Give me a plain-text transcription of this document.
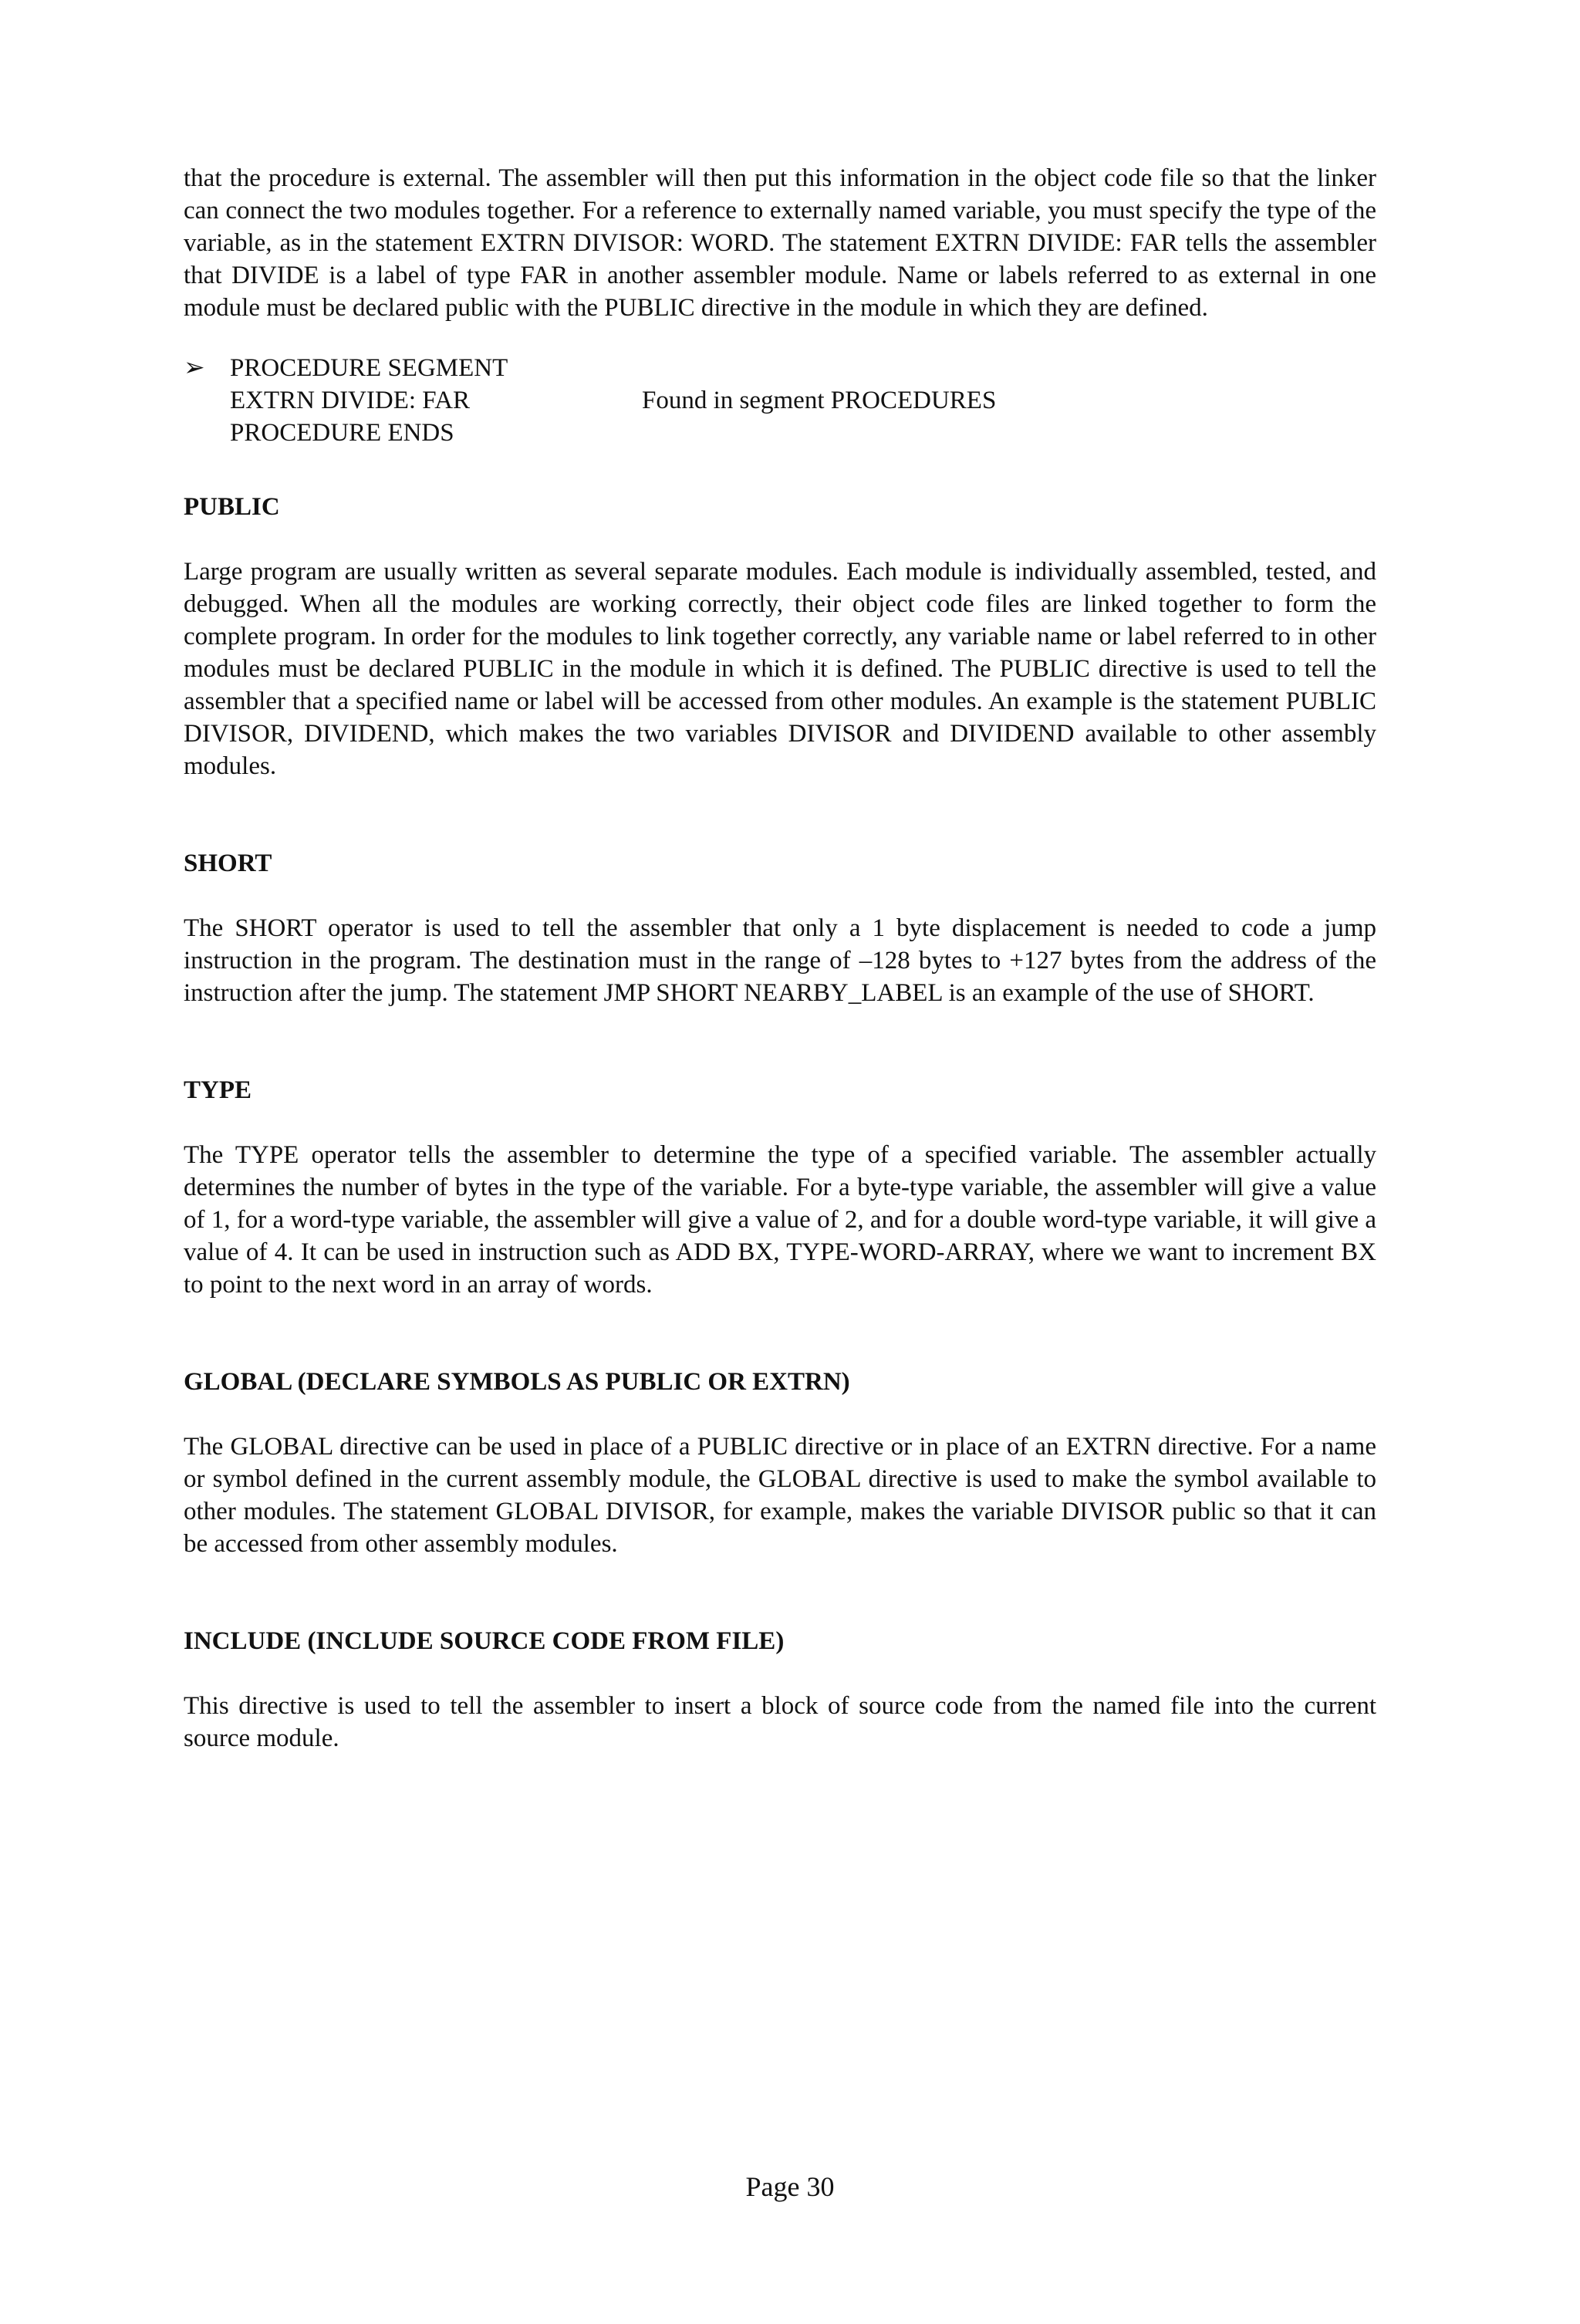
that the procedure is external. The assembler will then put this information in the object code file so that the linker can connect the two modules together. For a reference to externally named variable, you must specify the type of the variable, as in the statement EXTRN DIVISOR: WORD. The statement EXTRN DIVIDE: FAR tells the assembler that DIVIDE is a label of type FAR in another assembler module. Name or labels referred to as external in one module must be declared public with the PUBLIC directive in the module in which they are defined.

➢ PROCEDURE SEGMENT
EXTRN DIVIDE: FAR	Found in segment PROCEDURES
PROCEDURE ENDS
PUBLIC

Large program are usually written as several separate modules. Each module is individually assembled, tested, and debugged. When all the modules are working correctly, their object code files are linked together to form the complete program. In order for the modules to link together correctly, any variable name or label referred to in other modules must be declared PUBLIC in the module in which it is defined. The PUBLIC directive is used to tell the assembler that a specified name or label will be accessed from other modules. An example is the statement PUBLIC DIVISOR, DIVIDEND, which makes the two variables DIVISOR and DIVIDEND available to other assembly modules.

SHORT

The SHORT operator is used to tell the assembler that only a 1 byte displacement is needed to code a jump instruction in the program. The destination must in the range of –128 bytes to +127 bytes from the address of the instruction after the jump. The statement JMP SHORT NEARBY_LABEL is an example of the use of SHORT.

TYPE

The TYPE operator tells the assembler to determine the type of a specified variable. The assembler actually determines the number of bytes in the type of the variable. For a byte-type variable, the assembler will give a value of 1, for a word-type variable, the assembler will give a value of 2, and for a double word-type variable, it will give a value of 4. It can be used in instruction such as ADD BX, TYPE-WORD-ARRAY, where we want to increment BX to point to the next word in an array of words.

GLOBAL (DECLARE SYMBOLS AS PUBLIC OR EXTRN)

The GLOBAL directive can be used in place of a PUBLIC directive or in place of an EXTRN directive. For a name or symbol defined in the current assembly module, the GLOBAL directive is used to make the symbol available to other modules. The statement GLOBAL DIVISOR, for example, makes the variable DIVISOR public so that it can be accessed from other assembly modules.

INCLUDE (INCLUDE SOURCE CODE FROM FILE)

This directive is used to tell the assembler to insert a block of source code from the named file into the current source module.

Page 30
